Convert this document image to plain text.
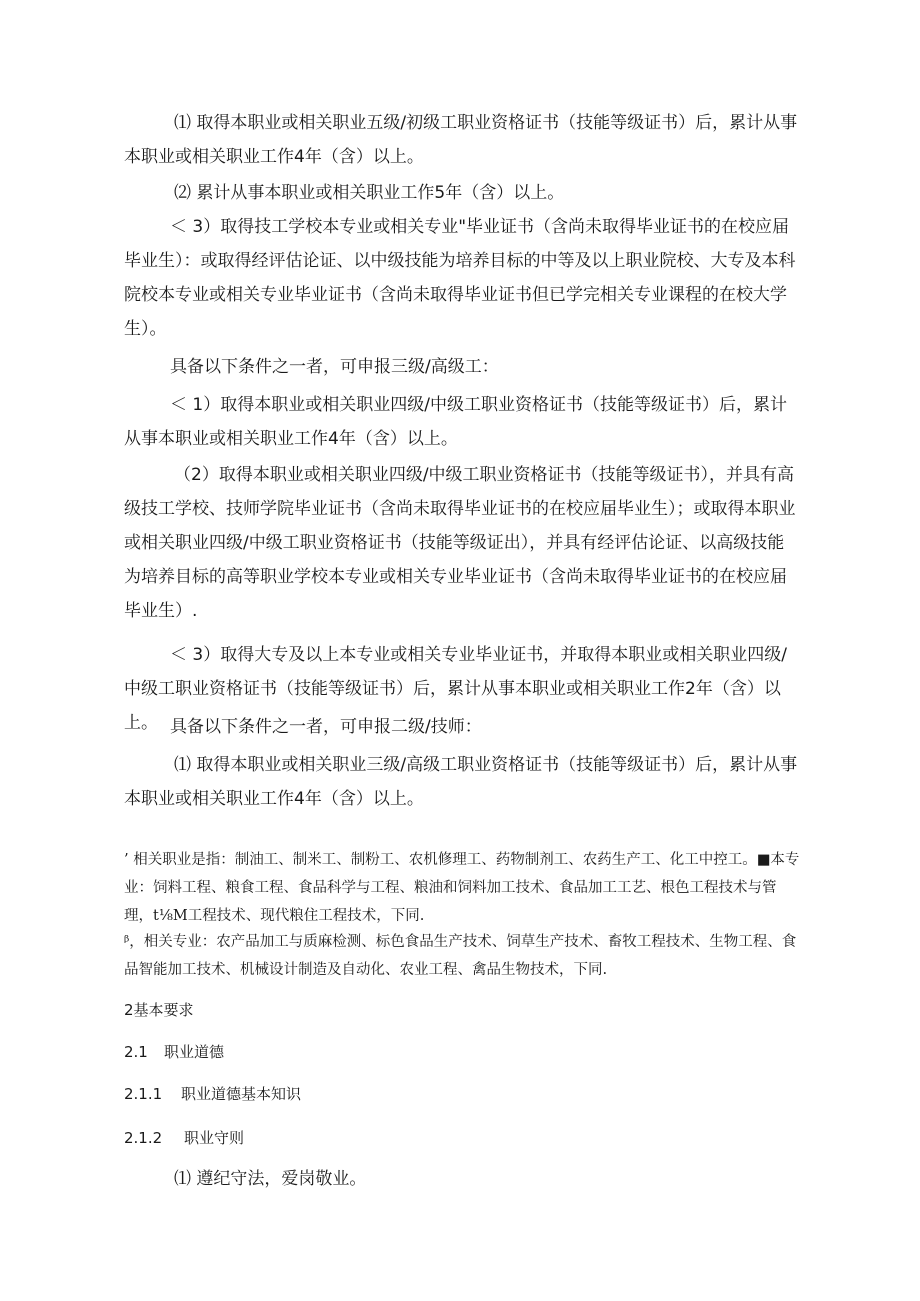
⑴ 取得本职业或相关职业五级/初级工职业资格证书（技能等级证书）后，累计从事本职业或相关职业工作4年（含）以上。

⑵ 累计从事本职业或相关职业工作5年（含）以上。

＜ 3）取得技工学校本专业或相关专业"毕业证书（含尚未取得毕业证书的在校应届毕业生）：或取得经评估论证、以中级技能为培养目标的中等及以上职业院校、大专及本科院校本专业或相关专业毕业证书（含尚未取得毕业证书但已学完相关专业课程的在校大学生）。

具备以下条件之一者，可申报三级/高级工：

＜ 1）取得本职业或相关职业四级/中级工职业资格证书（技能等级证书）后，累计从事本职业或相关职业工作4年（含）以上。

（2）取得本职业或相关职业四级/中级工职业资格证书（技能等级证书），并具有高级技工学校、技师学院毕业证书（含尚未取得毕业证书的在校应届毕业生）；或取得本职业或相关职业四级/中级工职业资格证书（技能等级证出），并具有经评估论证、以高级技能为培养目标的高等职业学校本专业或相关专业毕业证书（含尚未取得毕业证书的在校应届毕业生）.

＜ 3）取得大专及以上本专业或相关专业毕业证书，并取得本职业或相关职业四级/中级工职业资格证书（技能等级证书）后，累计从事本职业或相关职业工作2年（含）以上。 具备以下条件之一者，可申报二级/技师：

⑴ 取得本职业或相关职业三级/高级工职业资格证书（技能等级证书）后，累计从事本职业或相关职业工作4年（含）以上。

’ 相关职业是指：制油工、制米工、制粉工、农机修理工、药物制剂工、农药生产工、化工中控工。■本专业：饲料工程、粮食工程、食品科学与工程、粮油和饲料加工技术、食品加工工艺、根色工程技术与管理，t⅛M工程技术、现代粮住工程技术，下同.

ᵝ，相关专业：农产品加工与质麻检测、标色食品生产技术、饲草生产技术、畜牧工程技术、生物工程、食品智能加工技术、机械设计制造及自动化、农业工程、禽品生物技术，下同.

2基本要求

2.1 职业道德

2.1.1 职业道德基本知识

2.1.2 职业守则

⑴ 遵纪守法，爱岗敬业。
